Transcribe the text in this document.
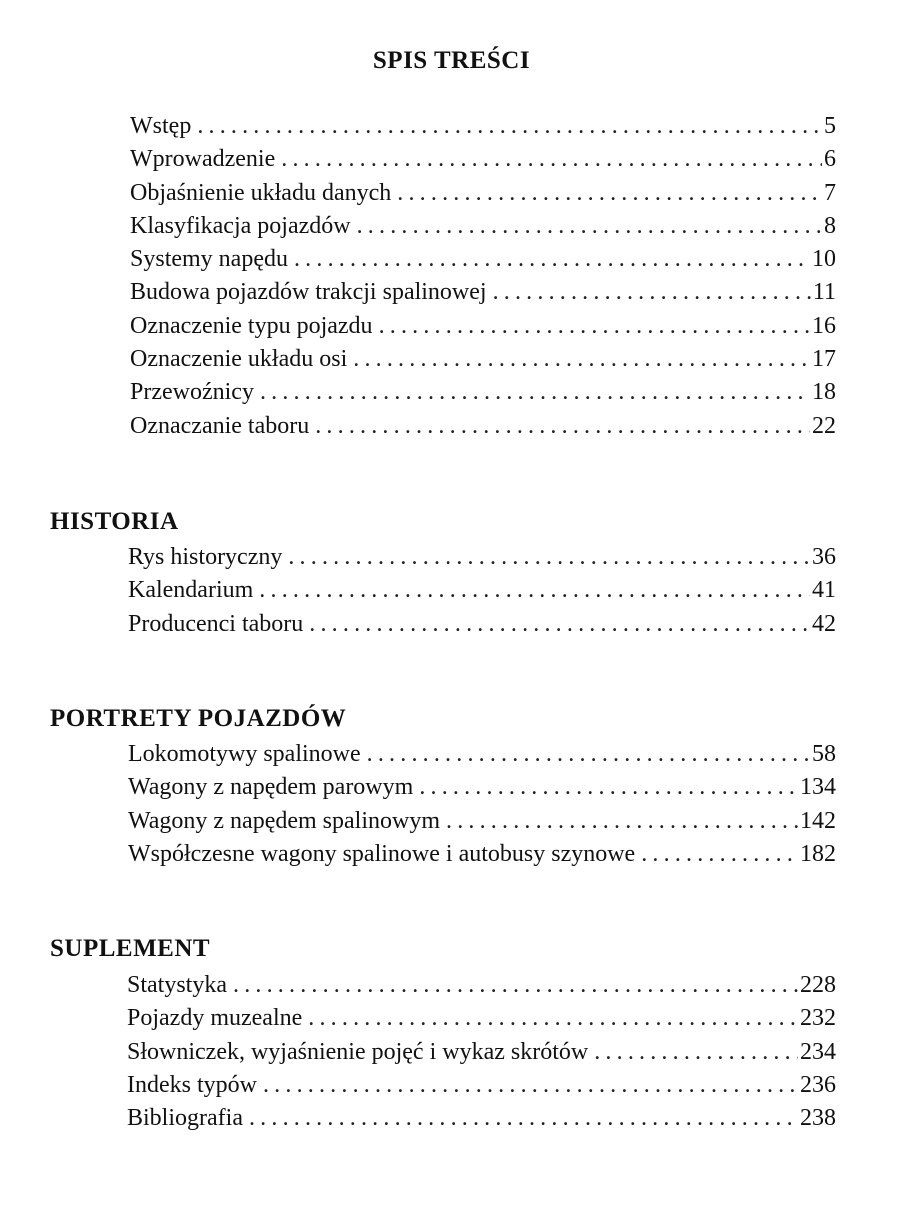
SPIS TREŚCI
Wstęp .....	5
Wprowadzenie .....	6
Objaśnienie układu danych .....	7
Klasyfikacja pojazdów .....	8
Systemy napędu .....	10
Budowa pojazdów trakcji spalinowej .....	11
Oznaczenie typu pojazdu .....	16
Oznaczenie układu osi .....	17
Przewoźnicy .....	18
Oznaczanie taboru .....	22
HISTORIA
Rys historyczny .....	36
Kalendarium .....	41
Producenci taboru .....	42
PORTRETY POJAZDÓW
Lokomotywy spalinowe .....	58
Wagony z napędem parowym .....	134
Wagony z napędem spalinowym .....	142
Współczesne wagony spalinowe i autobusy szynowe .....	182
SUPLEMENT
Statystyka .....	228
Pojazdy muzealne .....	232
Słowniczek, wyjaśnienie pojęć i wykaz skrótów .....	234
Indeks typów .....	236
Bibliografia .....	238
